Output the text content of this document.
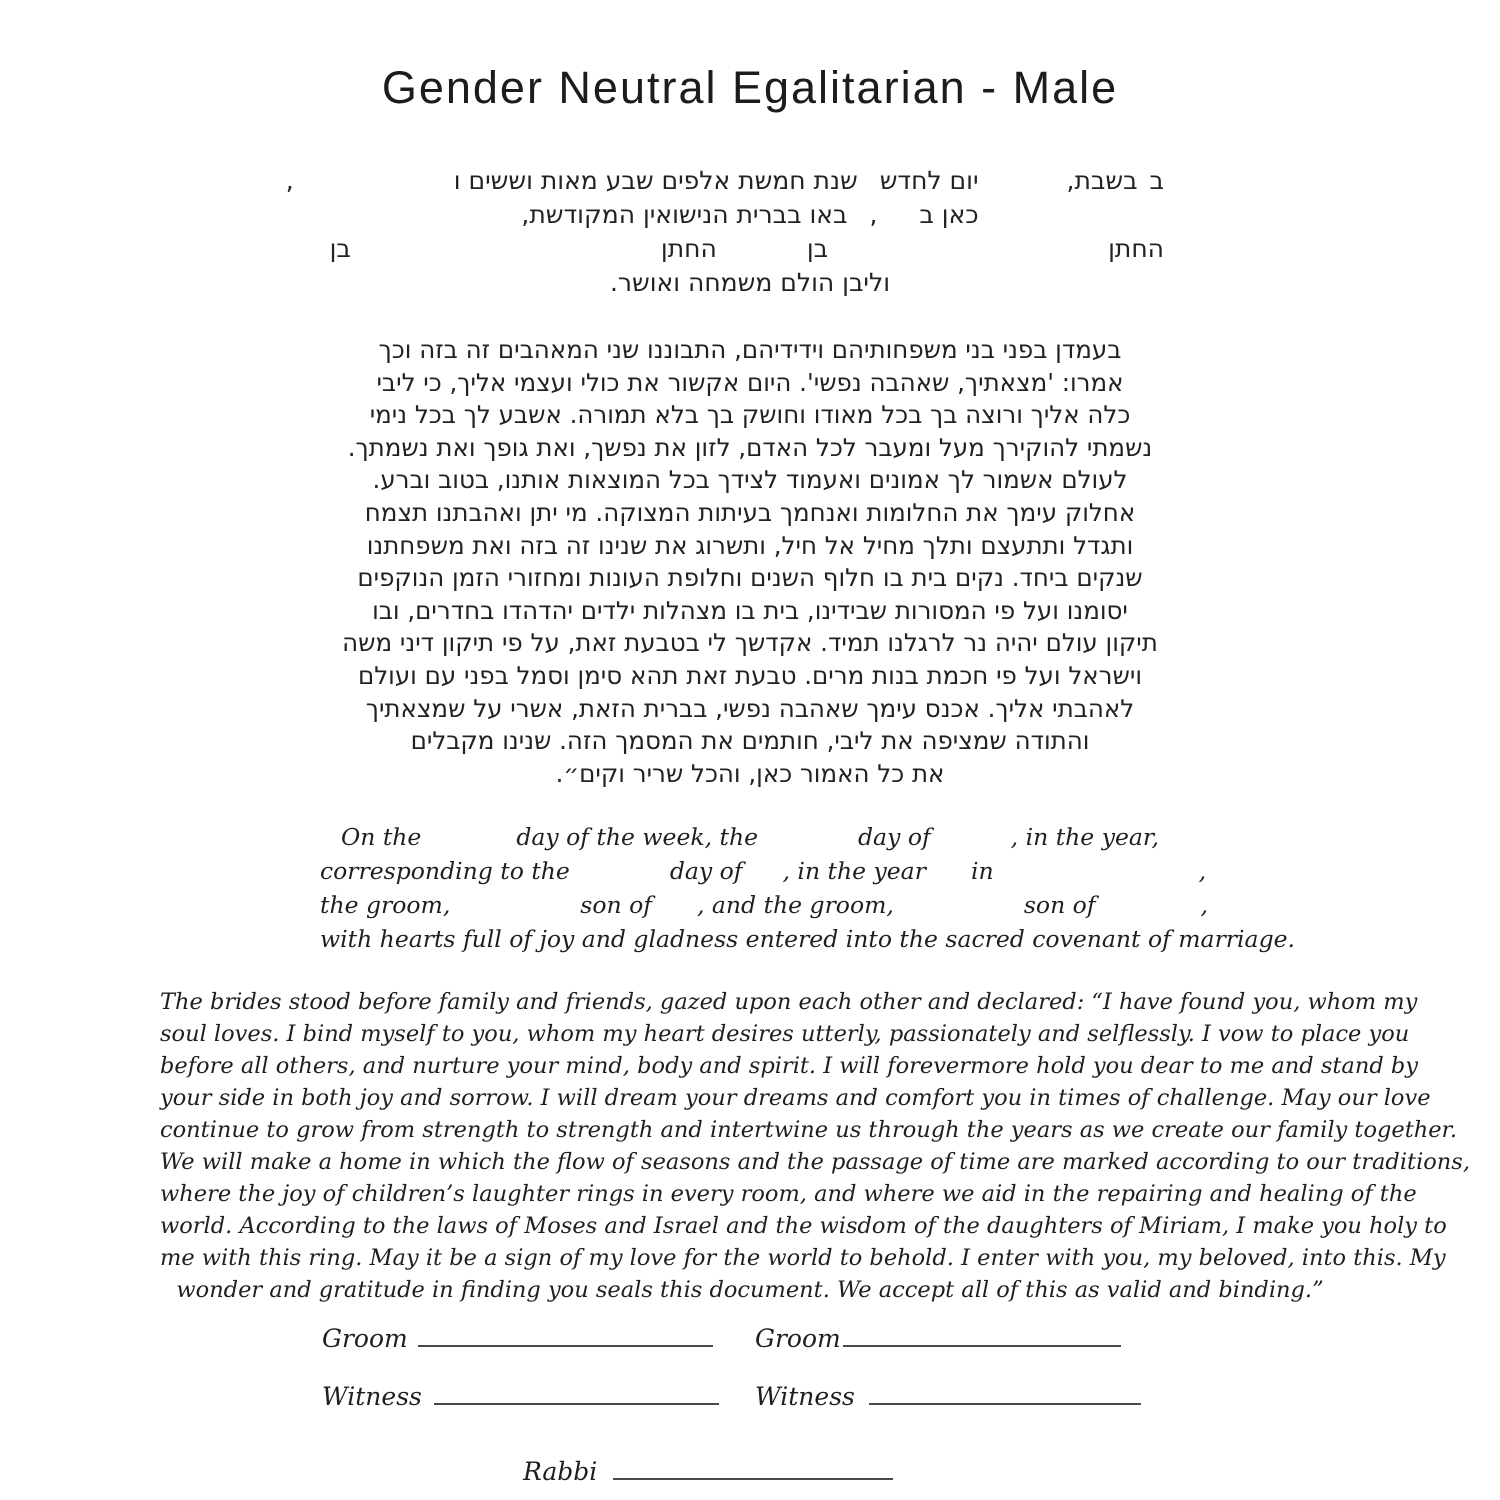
Gender Neutral Egalitarian - Male
בבשבת,יום לחדששנת חמשת אלפים שבע מאות וששים ו,
כאן ב,באו בברית הנישואין המקודשת,
החתןבןהחתןבן
וליבן הולם משמחה ואושר.
בעמדן בפני בני משפחותיהם וידידיהם, התבוננו שני המאהבים זה בזה וכך
אמרו: 'מצאתיך, שאהבה נפשי'. היום אקשור את כולי ועצמי אליך, כי ליבי
כלה אליך ורוצה בך בכל מאודו וחושק בך בלא תמורה. אשבע לך בכל נימי
נשמתי להוקירך מעל ומעבר לכל האדם, לזון את נפשך, ואת גופך ואת נשמתך.
לעולם אשמור לך אמונים ואעמוד לצידך בכל המוצאות אותנו, בטוב וברע.
אחלוק עימך את החלומות ואנחמך בעיתות המצוקה. מי יתן ואהבתנו תצמח
ותגדל ותתעצם ותלך מחיל אל חיל, ותשרוג את שנינו זה בזה ואת משפחתנו
שנקים ביחד. נקים בית בו חלוף השנים וחלופת העונות ומחזורי הזמן הנוקפים
יסומנו ועל פי המסורות שבידינו, בית בו מצהלות ילדים יהדהדו בחדרים, ובו
תיקון עולם יהיה נר לרגלנו תמיד. אקדשך לי בטבעת זאת, על פי תיקון דיני משה
וישראל ועל פי חכמת בנות מרים. טבעת זאת תהא סימן וסמל בפני עם ועולם
לאהבתי אליך. אכנס עימך שאהבה נפשי, בברית הזאת, אשרי על שמצאתיך
והתודה שמציפה את ליבי, חותמים את המסמך הזה. שנינו מקבלים
את כל האמור כאן, והכל שריר וקים״.
On the	day of the week, the	day of	, in the year,
corresponding to the	day of , in the year in	,
the groom,	son of , and the groom,	son of	,
with hearts full of joy and gladness entered into the sacred covenant of marriage.
The brides stood before family and friends, gazed upon each other and declared: “I have found you, whom my
soul loves. I bind myself to you, whom my heart desires utterly, passionately and selflessly. I vow to place you
before all others, and nurture your mind, body and spirit. I will forevermore hold you dear to me and stand by
your side in both joy and sorrow. I will dream your dreams and comfort you in times of challenge. May our love
continue to grow from strength to strength and intertwine us through the years as we create our family together.
We will make a home in which the flow of seasons and the passage of time are marked according to our traditions,
where the joy of children’s laughter rings in every room, and where we aid in the repairing and healing of the
world. According to the laws of Moses and Israel and the wisdom of the daughters of Miriam, I make you holy to
me with this ring. May it be a sign of my love for the world to behold. I enter with you, my beloved, into this. My
wonder and gratitude in finding you seals this document. We accept all of this as valid and binding.”
Groom	Groom
Witness	Witness
Rabbi
